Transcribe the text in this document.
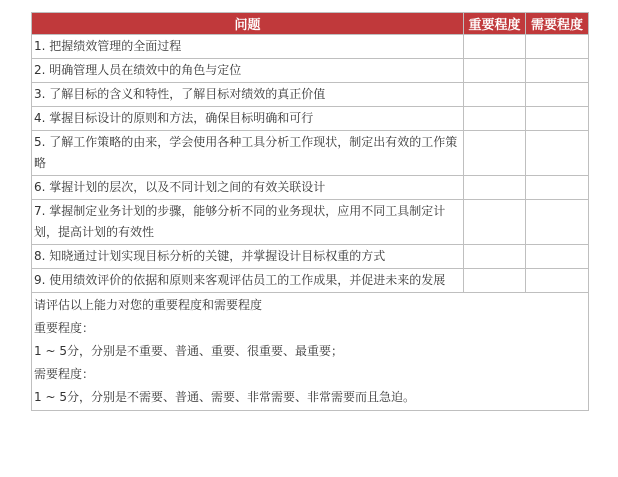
问题	重要程度	需要程度
1. 把握绩效管理的全面过程		
2. 明确管理人员在绩效中的角色与定位		
3. 了解目标的含义和特性，了解目标对绩效的真正价值		
4. 掌握目标设计的原则和方法，确保目标明确和可行		
5. 了解工作策略的由来，学会使用各种工具分析工作现状，制定出有效的工作策略		
6. 掌握计划的层次，以及不同计划之间的有效关联设计		
7. 掌握制定业务计划的步骤，能够分析不同的业务现状，应用不同工具制定计划，提高计划的有效性		
8. 知晓通过计划实现目标分析的关键，并掌握设计目标权重的方式		
9. 使用绩效评价的依据和原则来客观评估员工的工作成果，并促进未来的发展		

请评估以上能力对您的重要程度和需要程度
重要程度：
1 ~ 5分，分别是不重要、普通、重要、很重要、最重要；
需要程度：
1 ~ 5分，分别是不需要、普通、需要、非常需要、非常需要而且急迫。		
